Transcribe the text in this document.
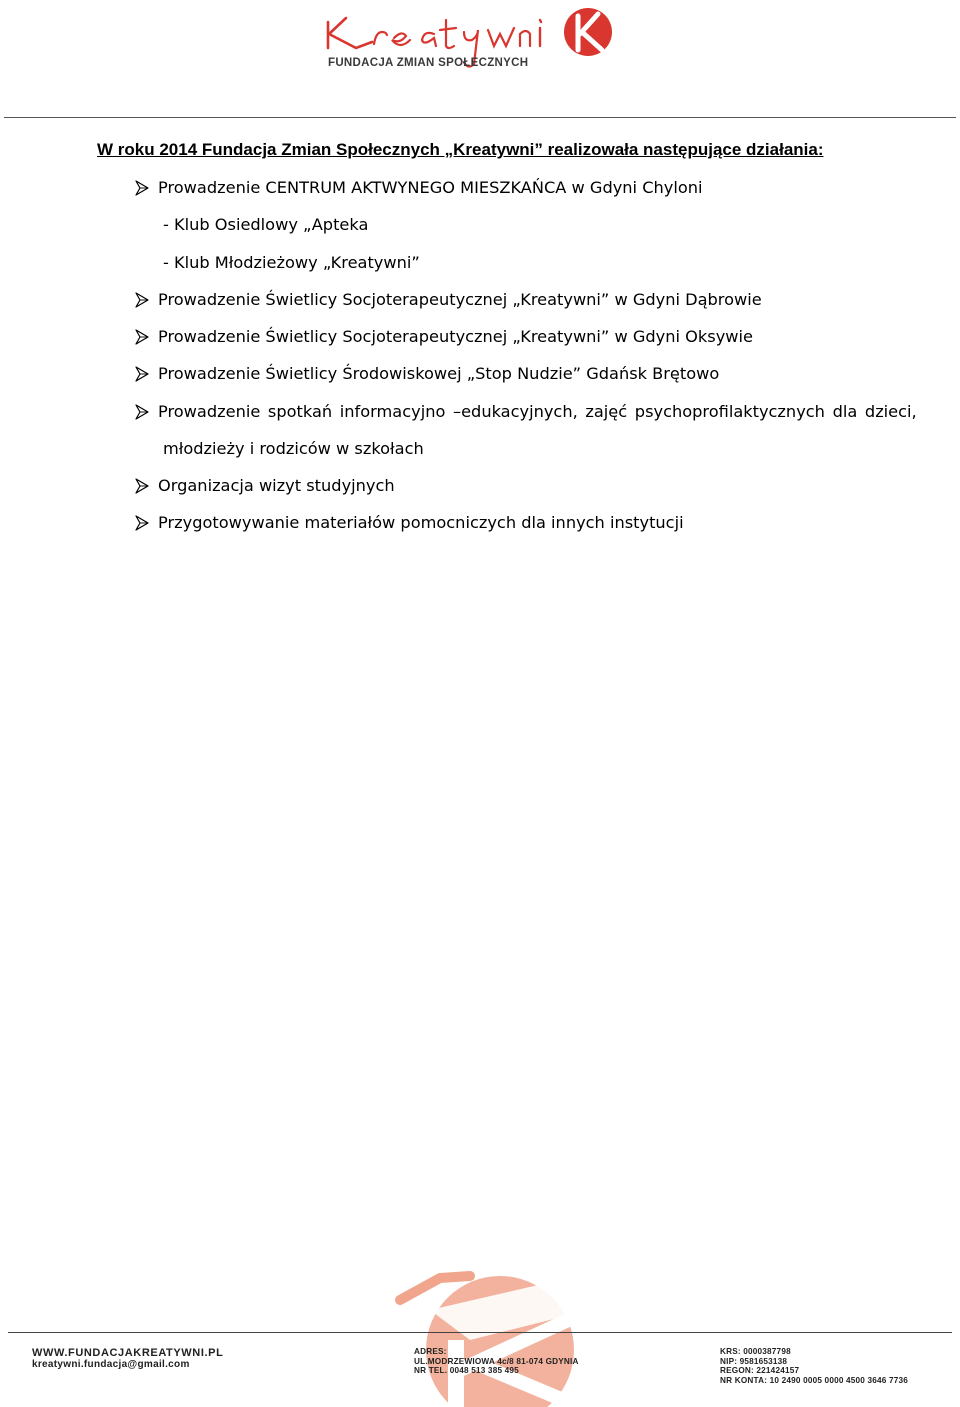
FUNDACJA ZMIAN SPOŁECZNYCH
W roku 2014 Fundacja Zmian Społecznych „Kreatywni” realizowała następujące działania:
Prowadzenie CENTRUM AKTWYNEGO MIESZKAŃCA w Gdyni Chyloni
- Klub Osiedlowy „Apteka
- Klub Młodzieżowy „Kreatywni”
Prowadzenie Świetlicy Socjoterapeutycznej „Kreatywni” w Gdyni Dąbrowie
Prowadzenie Świetlicy Socjoterapeutycznej „Kreatywni” w Gdyni Oksywie
Prowadzenie Świetlicy Środowiskowej „Stop Nudzie” Gdańsk Brętowo
Prowadzenie spotkań informacyjno –edukacyjnych, zajęć psychoprofilaktycznych dla dzieci,
młodzieży i rodziców w szkołach
Organizacja wizyt studyjnych
Przygotowywanie materiałów pomocniczych dla innych instytucji
WWW.FUNDACJAKREATYWNI.PL
kreatywni.fundacja@gmail.com
ADRES:
UL.MODRZEWIOWA 4c/8 81-074 GDYNIA
NR TEL. 0048 513 385 495
KRS: 0000387798
NIP: 9581653138
REGON: 221424157
NR KONTA: 10 2490 0005 0000 4500 3646 7736
